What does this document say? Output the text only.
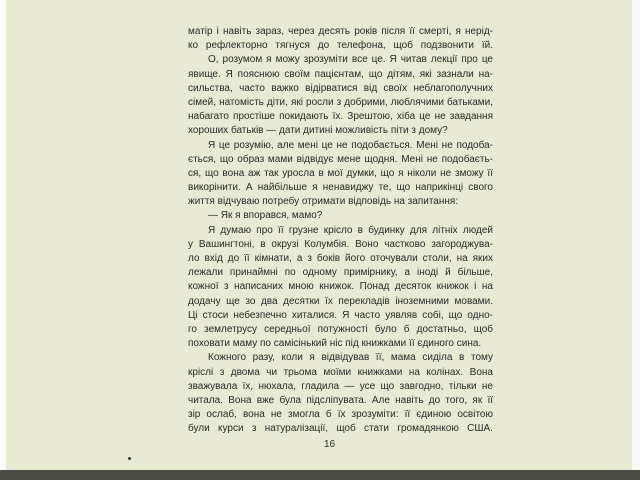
матір і навіть зараз, через десять років після її смерті, я нерід-
ко рефлекторно тягнуся до телефона, щоб подзвонити їй.
О, розумом я можу зрозуміти все це. Я читав лекції про це
явище. Я пояснюю своїм пацієнтам, що дітям, які зазнали на-
сильства, часто важко відірватися від своїх неблагополучних
сімей, натомість діти, які росли з добрими, люблячими батьками,
набагато простіше покидають їх. Зрештою, хіба це не завдання
хороших батьків — дати дитині можливість піти з дому?
Я це розумію, але мені це не подобається. Мені не подоба-
ється, що образ мами відвідує мене щодня. Мені не подобаєть-
ся, що вона аж так уросла в мої думки, що я ніколи не зможу її
викорінити. А найбільше я ненавиджу те, що наприкінці свого
життя відчуваю потребу отримати відповідь на запитання:
— Як я впорався, мамо?
Я думаю про її грузне крісло в будинку для літніх людей
у Вашингтоні, в окрузі Колумбія. Воно частково загороджува-
ло вхід до її кімнати, а з боків його оточували столи, на яких
лежали принаймні по одному примірнику, а іноді й більше,
кожної з написаних мною книжок. Понад десяток книжок і на
додачу ще зо два десятки їх перекладів іноземними мовами.
Ці стоси небезпечно хиталися. Я часто уявляв собі, що одно-
го землетрусу середньої потужності було б достатньо, щоб
поховати маму по самісінький ніс під книжками її єдиного сина.
Кожного разу, коли я відвідував її, мама сиділа в тому
кріслі з двома чи трьома моїми книжками на колінах. Вона
зважувала їх, нюхала, гладила — усе що завгодно, тільки не
читала. Вона вже була підсліпувата. Але навіть до того, як її
зір ослаб, вона не змогла б їх зрозуміти: її єдиною освітою
були курси з натуралізації, щоб стати громадянкою США.
16
